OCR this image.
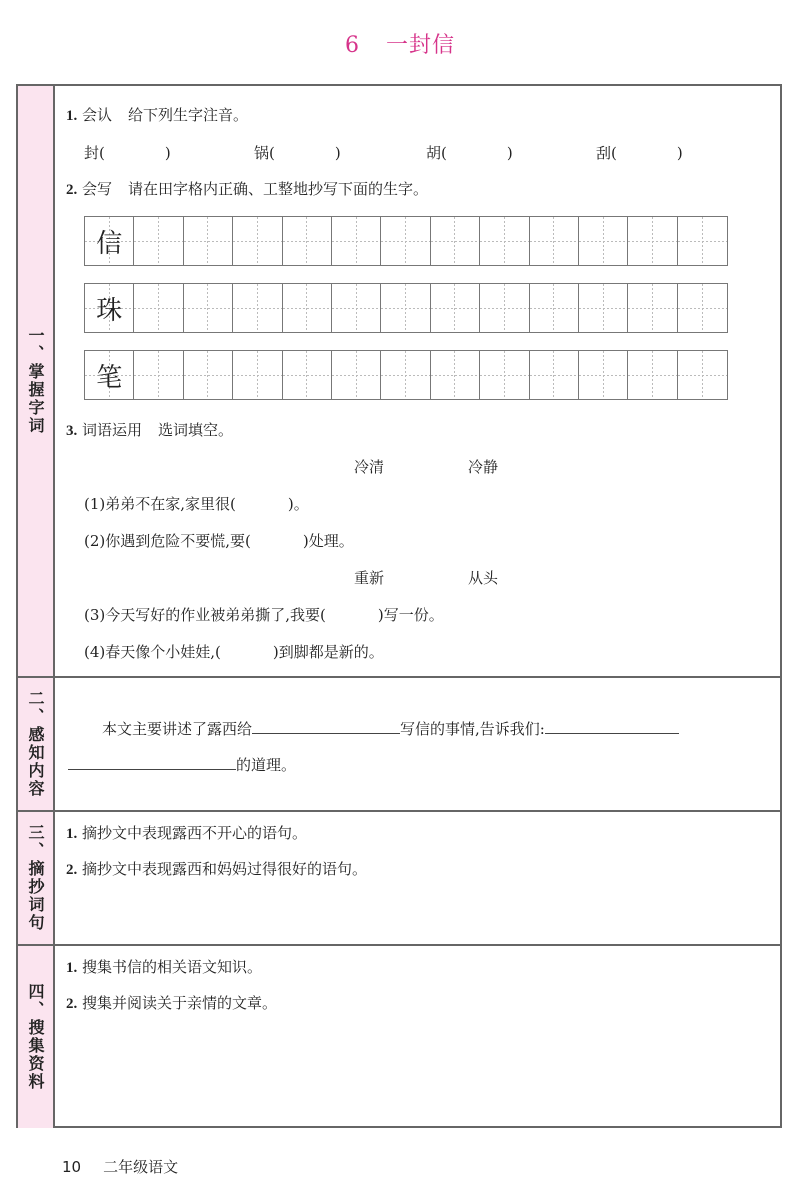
6 一封信
一、掌握字词
1. 会认 给下列生字注音。
封(	)	锅(	)	胡(	)	刮(	)
2. 会写 请在田字格内正确、工整地抄写下面的生字。
信
珠
笔
3. 词语运用 选词填空。
冷清	冷静
(1)弟弟不在家,家里很(	)。
(2)你遇到危险不要慌,要(	)处理。
重新	从头
(3)今天写好的作业被弟弟撕了,我要(	)写一份。
(4)春天像个小娃娃,(	)到脚都是新的。
二、感知内容	本文主要讲述了露西给	写信的事情,告诉我们:
的道理。
三、摘抄词句 1. 摘抄文中表现露西不开心的语句。
2. 摘抄文中表现露西和妈妈过得很好的语句。
四、搜集资料
1. 搜集书信的相关语文知识。
2. 搜集并阅读关于亲情的文章。
10 二年级语文
